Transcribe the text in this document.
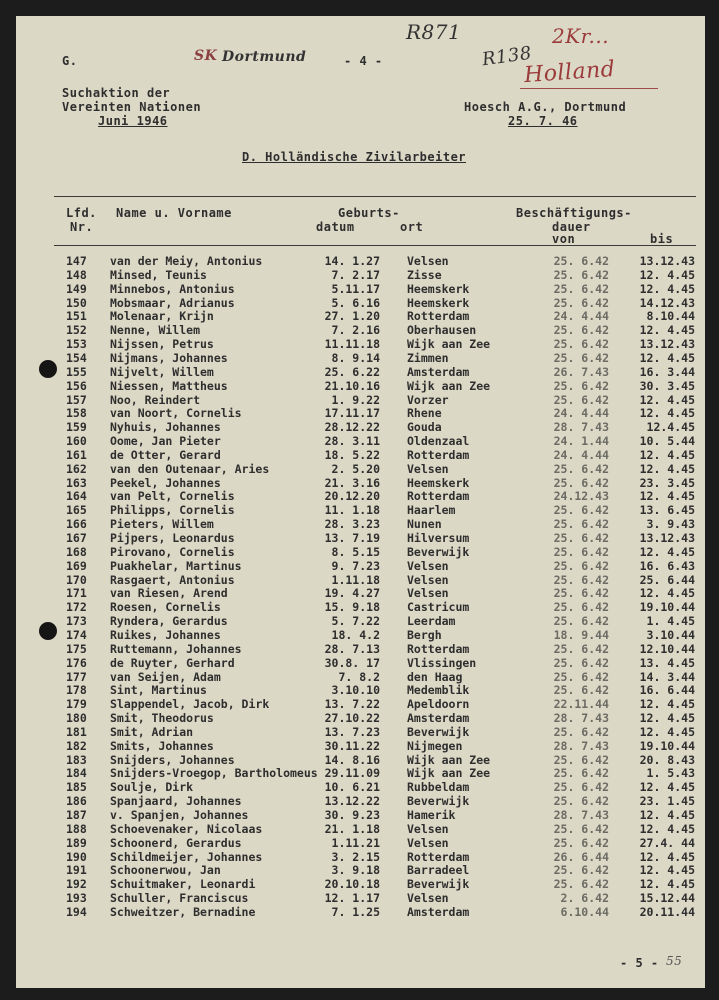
G.	SK Dortmund	- 4 -
R871
R138
2Kr...
Holland
Suchaktion der
Vereinten Nationen
Juni 1946
Hoesch A.G., Dortmund
25. 7. 46
D. Holländische Zivilarbeiter
Lfd.
Nr.
Name u. Vorname	Geburts-
datum	ort
Beschäftigungs-
dauer
von	bis
147 van der Meiy, Antonius	14. 1.27 Velsen	25. 6.42	13.12.43
148 Minsed, Teunis	7. 2.17 Zisse	25. 6.42	12. 4.45
149 Minnebos, Antonius	5.11.17 Heemskerk	25. 6.42	12. 4.45
150 Mobsmaar, Adrianus	5. 6.16 Heemskerk	25. 6.42	14.12.43
151 Molenaar, Krijn	27. 1.20 Rotterdam	24. 4.44	8.10.44
152 Nenne, Willem	7. 2.16 Oberhausen	25. 6.42	12. 4.45
153 Nijssen, Petrus	11.11.18 Wijk aan Zee	25. 6.42	13.12.43
154 Nijmans, Johannes	8. 9.14 Zimmen	25. 6.42	12. 4.45
155 Nijvelt, Willem	25. 6.22 Amsterdam	26. 7.43	16. 3.44
156 Niessen, Mattheus	21.10.16 Wijk aan Zee	25. 6.42	30. 3.45
157 Noo, Reindert	1. 9.22 Vorzer	25. 6.42	12. 4.45
158 van Noort, Cornelis	17.11.17 Rhene	24. 4.44	12. 4.45
159 Nyhuis, Johannes	28.12.22 Gouda	28. 7.43	12.4.45
160 Oome, Jan Pieter	28. 3.11 Oldenzaal	24. 1.44	10. 5.44
161 de Otter, Gerard	18. 5.22 Rotterdam	24. 4.44	12. 4.45
162 van den Outenaar, Aries	2. 5.20 Velsen	25. 6.42	12. 4.45
163 Peekel, Johannes	21. 3.16 Heemskerk	25. 6.42	23. 3.45
164 van Pelt, Cornelis	20.12.20 Rotterdam	24.12.43	12. 4.45
165 Philipps, Cornelis	11. 1.18 Haarlem	25. 6.42	13. 6.45
166 Pieters, Willem	28. 3.23 Nunen	25. 6.42	3. 9.43
167 Pijpers, Leonardus	13. 7.19 Hilversum	25. 6.42	13.12.43
168 Pirovano, Cornelis	8. 5.15 Beverwijk	25. 6.42	12. 4.45
169 Puakhelar, Martinus	9. 7.23 Velsen	25. 6.42	16. 6.43
170 Rasgaert, Antonius	1.11.18 Velsen	25. 6.42	25. 6.44
171 van Riesen, Arend	19. 4.27 Velsen	25. 6.42	12. 4.45
172 Roesen, Cornelis	15. 9.18 Castricum	25. 6.42	19.10.44
173 Ryndera, Gerardus	5. 7.22 Leerdam	25. 6.42	1. 4.45
174 Ruikes, Johannes	18. 4.2 Bergh	18. 9.44	3.10.44
175 Ruttemann, Johannes	28. 7.13 Rotterdam	25. 6.42	12.10.44
176 de Ruyter, Gerhard	30.8. 17 Vlissingen	25. 6.42	13. 4.45
177 van Seijen, Adam	7. 8.2 den Haag	25. 6.42	14. 3.44
178 Sint, Martinus	3.10.10 Medemblik	25. 6.42	16. 6.44
179 Slappendel, Jacob, Dirk	13. 7.22 Apeldoorn	22.11.44	12. 4.45
180 Smit, Theodorus	27.10.22 Amsterdam	28. 7.43	12. 4.45
181 Smit, Adrian	13. 7.23 Beverwijk	25. 6.42	12. 4.45
182 Smits, Johannes	30.11.22 Nijmegen	28. 7.43	19.10.44
183 Snijders, Johannes	14. 8.16 Wijk aan Zee	25. 6.42	20. 8.43
184 Snijders-Vroegop, Bartholomeus 29.11.09 Wijk aan Zee	25. 6.42	1. 5.43
185 Soulje, Dirk	10. 6.21 Rubbeldam	25. 6.42	12. 4.45
186 Spanjaard, Johannes	13.12.22 Beverwijk	25. 6.42	23. 1.45
187 v. Spanjen, Johannes	30. 9.23 Hamerik	28. 7.43	12. 4.45
188 Schoevenaker, Nicolaas	21. 1.18 Velsen	25. 6.42	12. 4.45
189 Schoonerd, Gerardus	1.11.21 Velsen	25. 6.42	27.4. 44
190 Schildmeijer, Johannes	3. 2.15 Rotterdam	26. 6.44	12. 4.45
191 Schoonerwou, Jan	3. 9.18 Barradeel	25. 6.42	12. 4.45
192 Schuitmaker, Leonardi	20.10.18 Beverwijk	25. 6.42	12. 4.45
193 Schuller, Franciscus	12. 1.17 Velsen	2. 6.42	15.12.44
194 Schweitzer, Bernadine	7. 1.25 Amsterdam	6.10.44	20.11.44
- 5 - 55
